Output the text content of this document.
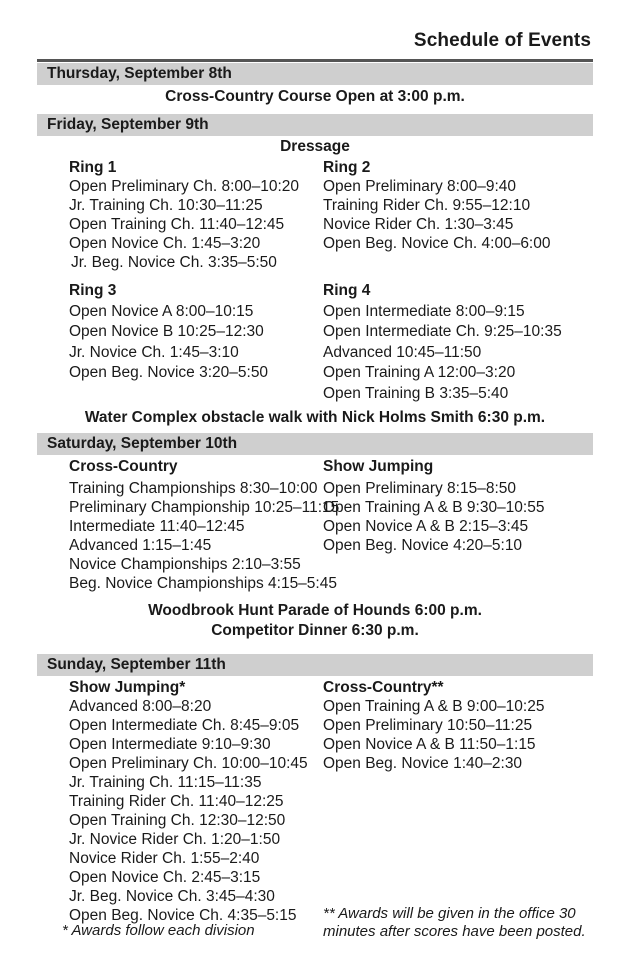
Schedule of Events
Thursday, September 8th
Cross-Country Course Open at 3:00 p.m.
Friday, September 9th
Dressage
Ring 1
Open Preliminary Ch. 8:00–10:20
Jr. Training Ch. 10:30–11:25
Open Training Ch. 11:40–12:45
Open Novice Ch. 1:45–3:20
Jr. Beg. Novice Ch. 3:35–5:50
Ring 2
Open Preliminary 8:00–9:40
Training Rider Ch. 9:55–12:10
Novice Rider Ch. 1:30–3:45
Open Beg. Novice Ch. 4:00–6:00
Ring 3
Open Novice A 8:00–10:15
Open Novice B 10:25–12:30
Jr. Novice Ch. 1:45–3:10
Open Beg. Novice 3:20–5:50
Ring 4
Open Intermediate 8:00–9:15
Open Intermediate Ch. 9:25–10:35
Advanced 10:45–11:50
Open Training A 12:00–3:20
Open Training B 3:35–5:40
Water Complex obstacle walk with Nick Holms Smith 6:30 p.m.
Saturday, September 10th
Cross-Country
Training Championships 8:30–10:00
Preliminary Championship 10:25–11:15
Intermediate 11:40–12:45
Advanced 1:15–1:45
Novice Championships 2:10–3:55
Beg. Novice Championships 4:15–5:45
Show Jumping
Open Preliminary 8:15–8:50
Open Training A & B 9:30–10:55
Open Novice A & B 2:15–3:45
Open Beg. Novice 4:20–5:10
Woodbrook Hunt Parade of Hounds 6:00 p.m.
Competitor Dinner 6:30 p.m.
Sunday, September 11th
Show Jumping*
Advanced 8:00–8:20
Open Intermediate Ch. 8:45–9:05
Open Intermediate 9:10–9:30
Open Preliminary Ch. 10:00–10:45
Jr. Training Ch. 11:15–11:35
Training Rider Ch. 11:40–12:25
Open Training Ch. 12:30–12:50
Jr. Novice Rider Ch. 1:20–1:50
Novice Rider Ch. 1:55–2:40
Open Novice Ch. 2:45–3:15
Jr. Beg. Novice Ch. 3:45–4:30
Open Beg. Novice Ch. 4:35–5:15
Cross-Country**
Open Training A & B 9:00–10:25
Open Preliminary 10:50–11:25
Open Novice A & B 11:50–1:15
Open Beg. Novice 1:40–2:30
* Awards follow each division
** Awards will be given in the office 30
minutes after scores have been posted.
